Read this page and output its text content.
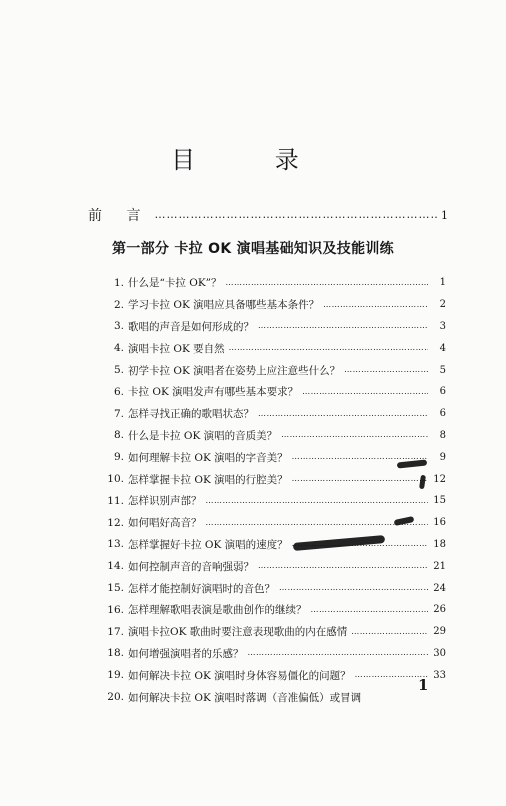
目 录
前 言 ………………………………………………………………………………………………………………………………	1
第一部分 卡拉 OK 演唱基础知识及技能训练
1. 什么是“卡拉 OK”？ ………………………………………………………………………………………………………………………………	1
2. 学习卡拉 OK 演唱应具备哪些基本条件？ ………………………………………………………………………………………………………………………………	2
3. 歌唱的声音是如何形成的？ ………………………………………………………………………………………………………………………………	3
4. 演唱卡拉 OK 要自然 ………………………………………………………………………………………………………………………………	4
5. 初学卡拉 OK 演唱者在姿势上应注意些什么？ ………………………………………………………………………………………………………………………………	5
6. 卡拉 OK 演唱发声有哪些基本要求？ ………………………………………………………………………………………………………………………………	6
7. 怎样寻找正确的歌唱状态？ ………………………………………………………………………………………………………………………………	6
8. 什么是卡拉 OK 演唱的音质美？ ………………………………………………………………………………………………………………………………	8
9. 如何理解卡拉 OK 演唱的字音美？ ………………………………………………………………………………………………………………………………	9
10. 怎样掌握卡拉 OK 演唱的行腔美？ ………………………………………………………………………………………………………………………………	12
11. 怎样识别声部？ ………………………………………………………………………………………………………………………………	15
12. 如何唱好高音？ ………………………………………………………………………………………………………………………………	16
13. 怎样掌握好卡拉 OK 演唱的速度？ ………………………………………………………………………………………………………………………………	18
14. 如何控制声音的音响强弱？ ………………………………………………………………………………………………………………………………	21
15. 怎样才能控制好演唱时的音色？ ………………………………………………………………………………………………………………………………	24
16. 怎样理解歌唱表演是歌曲创作的继续？ ………………………………………………………………………………………………………………………………	26
17. 演唱卡拉OK 歌曲时要注意表现歌曲的内在感情 ………………………………………………………………………………………………………………………………	29
18. 如何增强演唱者的乐感？ ………………………………………………………………………………………………………………………………	30
19. 如何解决卡拉 OK 演唱时身体容易僵化的问题？ ………………………………………………………………………………………………………………………………	33
20. 如何解决卡拉 OK 演唱时落调（音准偏低）或冒调
1
